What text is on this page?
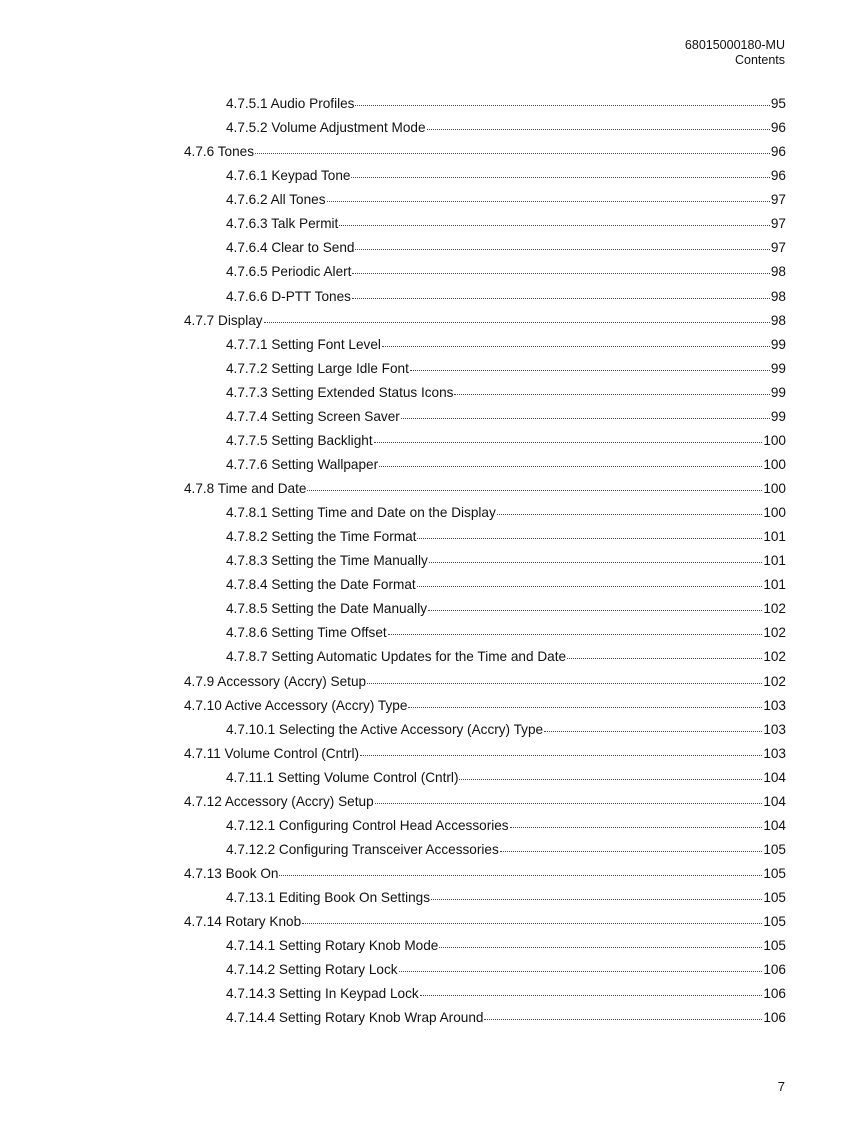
68015000180-MU
Contents
4.7.5.1 Audio Profiles	95
4.7.5.2 Volume Adjustment Mode	96
4.7.6 Tones	96
4.7.6.1 Keypad Tone	96
4.7.6.2 All Tones	97
4.7.6.3 Talk Permit	97
4.7.6.4 Clear to Send	97
4.7.6.5 Periodic Alert	98
4.7.6.6 D-PTT Tones	98
4.7.7 Display	98
4.7.7.1 Setting Font Level	99
4.7.7.2 Setting Large Idle Font	99
4.7.7.3 Setting Extended Status Icons	99
4.7.7.4 Setting Screen Saver	99
4.7.7.5 Setting Backlight	100
4.7.7.6 Setting Wallpaper	100
4.7.8 Time and Date	100
4.7.8.1 Setting Time and Date on the Display	100
4.7.8.2 Setting the Time Format	101
4.7.8.3 Setting the Time Manually	101
4.7.8.4 Setting the Date Format	101
4.7.8.5 Setting the Date Manually	102
4.7.8.6 Setting Time Offset	102
4.7.8.7 Setting Automatic Updates for the Time and Date	102
4.7.9 Accessory (Accry) Setup	102
4.7.10 Active Accessory (Accry) Type	103
4.7.10.1 Selecting the Active Accessory (Accry) Type	103
4.7.11 Volume Control (Cntrl)	103
4.7.11.1 Setting Volume Control (Cntrl)	104
4.7.12 Accessory (Accry) Setup	104
4.7.12.1 Configuring Control Head Accessories	104
4.7.12.2 Configuring Transceiver Accessories	105
4.7.13 Book On	105
4.7.13.1 Editing Book On Settings	105
4.7.14 Rotary Knob	105
4.7.14.1 Setting Rotary Knob Mode	105
4.7.14.2 Setting Rotary Lock	106
4.7.14.3 Setting In Keypad Lock	106
4.7.14.4 Setting Rotary Knob Wrap Around	106
7
